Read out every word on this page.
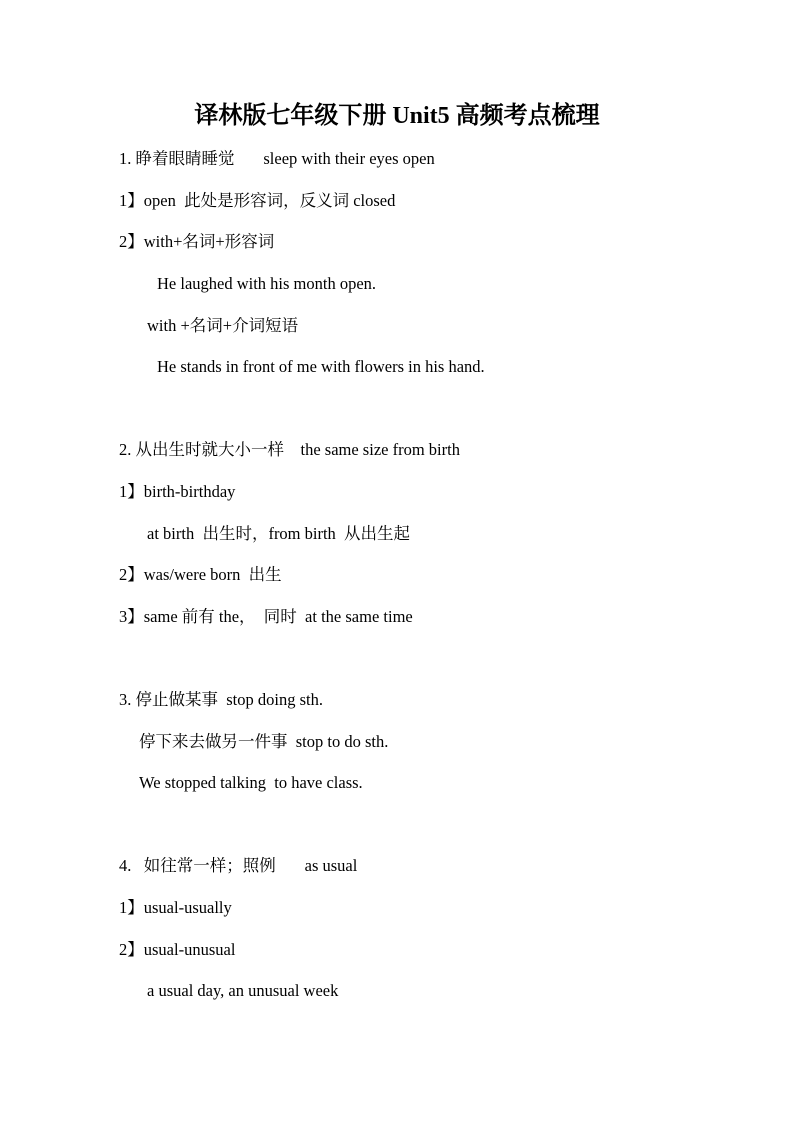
译林版七年级下册 Unit5 高频考点梳理

1. 睁着眼睛睡觉       sleep with their eyes open

1】open  此处是形容词，反义词 closed

2】with+名词+形容词

He laughed with his month open.

with +名词+介词短语

He stands in front of me with flowers in his hand.

2. 从出生时就大小一样    the same size from birth

1】birth-birthday

at birth  出生时，from birth  从出生起

2】was/were born  出生

3】same 前有 the，  同时  at the same time

3. 停止做某事  stop doing sth.

停下来去做另一件事  stop to do sth.

We stopped talking  to have class.

4.   如往常一样；照例       as usual

1】usual-usually

2】usual-unusual

a usual day, an unusual week
